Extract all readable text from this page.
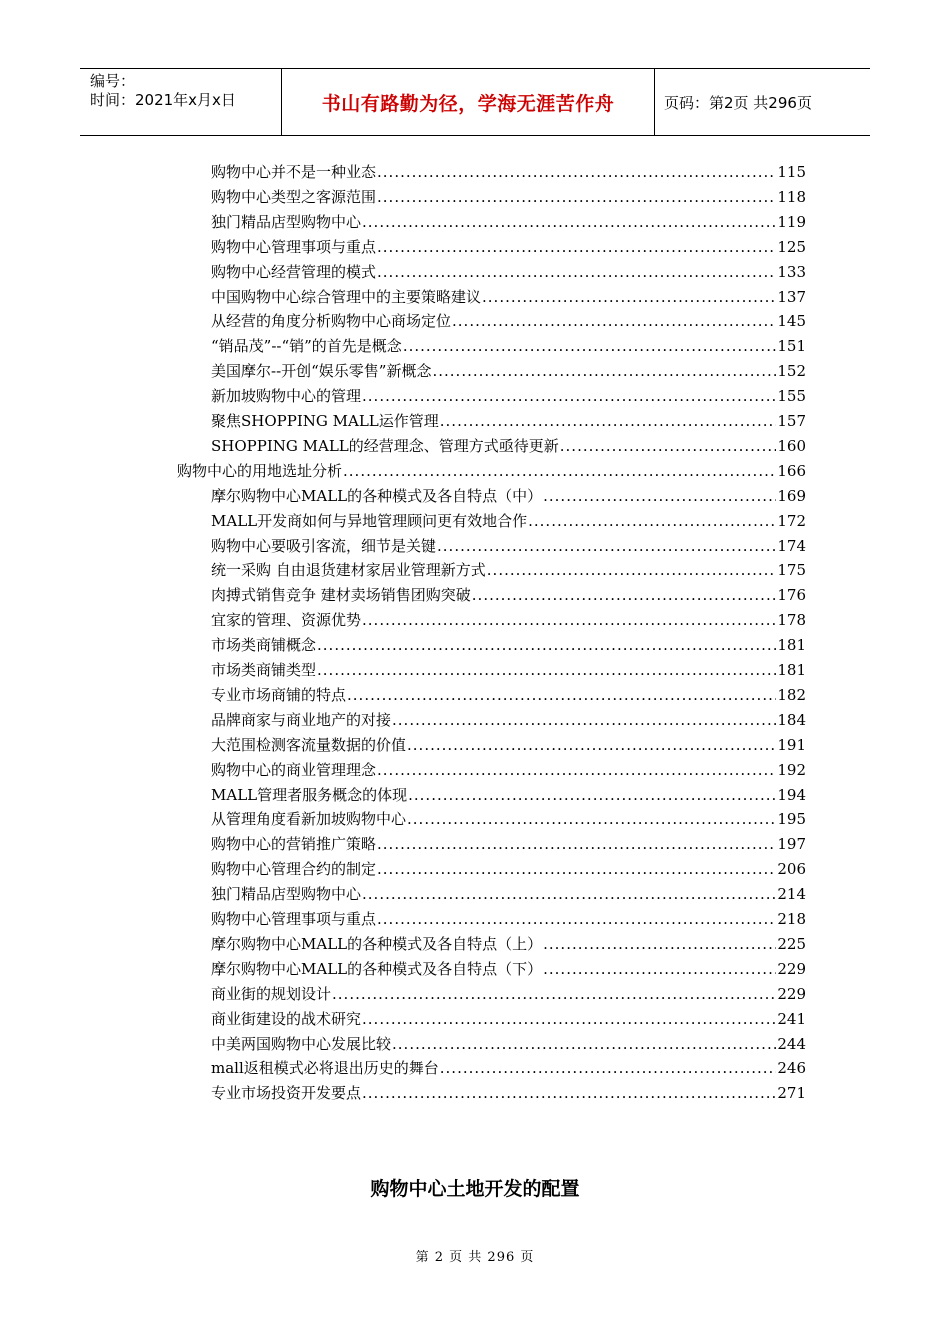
编号：
时间：2021年x月x日	书山有路勤为径，学海无涯苦作舟	页码：第2页 共296页
购物中心并不是一种业态 .....	115
购物中心类型之客源范围 .....	118
独门精品店型购物中心 .....	119
购物中心管理事项与重点 .....	125
购物中心经营管理的模式 .....	133
中国购物中心综合管理中的主要策略建议 .....	137
从经营的角度分析购物中心商场定位 .....	145
“销品茂”--“销”的首先是概念 .....	151
美国摩尔--开创“娱乐零售”新概念 .....	152
新加坡购物中心的管理 .....	155
聚焦SHOPPING MALL运作管理 .....	157
SHOPPING MALL的经营理念、管理方式亟待更新 .....	160
购物中心的用地选址分析 .....	166
摩尔购物中心MALL的各种模式及各自特点（中） .....	169
MALL开发商如何与异地管理顾问更有效地合作 .....	172
购物中心要吸引客流，细节是关键 .....	174
统一采购 自由退货建材家居业管理新方式 .....	175
肉搏式销售竞争 建材卖场销售团购突破 .....	176
宜家的管理、资源优势 .....	178
市场类商铺概念 .....	181
市场类商铺类型 .....	181
专业市场商铺的特点 .....	182
品牌商家与商业地产的对接 .....	184
大范围检测客流量数据的价值 .....	191
购物中心的商业管理理念 .....	192
MALL管理者服务概念的体现 .....	194
从管理角度看新加坡购物中心 .....	195
购物中心的营销推广策略 .....	197
购物中心管理合约的制定 .....	206
独门精品店型购物中心 .....	214
购物中心管理事项与重点 .....	218
摩尔购物中心MALL的各种模式及各自特点（上） .....	225
摩尔购物中心MALL的各种模式及各自特点（下） .....	229
商业街的规划设计 .....	229
商业街建设的战术研究 .....	241
中美两国购物中心发展比较 .....	244
mall返租模式必将退出历史的舞台 .....	246
专业市场投资开发要点 .....	271
购物中心土地开发的配置
第 2 页 共 296 页
